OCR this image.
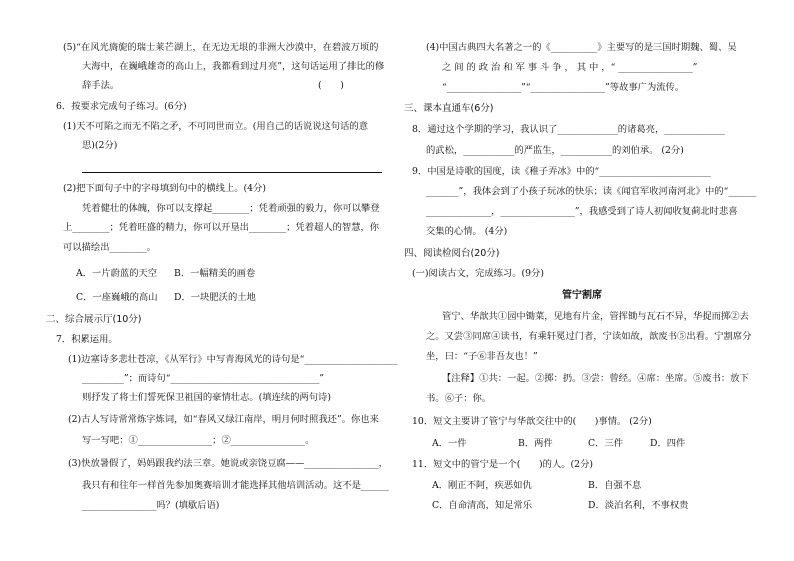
(5)“在风光旖旎的瑞士莱芒湖上，在无边无垠的非洲大沙漠中，在碧波万顷的
大海中，在巍峨雄奇的高山上，我都看到过月亮”，这句话运用了排比的修
辞手法。	(　　)
6．按要求完成句子练习。(6分)
(1)天不可陷之而无不陷之矛，不可同世而立。(用自己的话说说这句话的意
思)(2分)
(2)把下面句子中的字母填到句中的横线上。(4分)
凭着健壮的体魄，你可以支撑起________；凭着顽强的毅力，你可以攀登
上________；凭着旺盛的精力，你可以开垦出________；凭着超人的智慧，你
可以描绘出________。
A．一片蔚蓝的天空 B．一幅精美的画卷
C．一座巍峨的高山 D．一块肥沃的土地
二、综合展示厅(10分)
7．积累运用。
(1)边塞诗多悲壮苍凉，《从军行》中写青海风光的诗句是“____________________
_________”；而诗句“________________________________”
则抒发了将士们誓死保卫祖国的豪情壮志。(填连续的两句诗)
(2)古人写诗常常炼字炼词，如“春风又绿江南岸，明月何时照我还”。你也来
写一写吧：①________________；②________________。
(3)快放暑假了，妈妈跟我约法三章。她说或亲饶豆腐——________________，
我只有和往年一样首先参加奥赛培训才能选择其他培训活动。这不是______
________________吗？(填歇后语)
(4)中国古典四大名著之一的《__________》主要写的是三国时期魏、蜀、吴
之 间 的 政 治 和 军 事 斗 争 ， 其 中 ，“ ________________”
“________________”“________________”等故事广为流传。
三、课本直通车(6分)
8．通过这个学期的学习，我认识了_____________的诸葛亮，_____________
的武松，___________的严监生，___________的刘伯承。 (2分)
9．中国是诗歌的国度，读《稚子弄冰》中的“________________________
_______”，我体会到了小孩子玩冰的快乐；读《闻官军收河南河北》中的“______
______________，________________”，我感受到了诗人初闻收复蓟北时悲喜
交集的心情。 (4分)
四、阅读检阅台(20分)
(一)阅读古文，完成练习。(9分)
管宁割席
管宁、华歆共①园中锄菜，见地有片金，管挥锄与瓦石不异，华捉而掷②去
之。又尝③同席④读书，有乘轩冕过门者，宁读如故，歆废书⑤出看。宁割席分
坐，曰：“子⑥非吾友也！”
【注释】①共：一起。②掷：扔。③尝：曾经。④席：坐席。⑤废书：放下
书。⑥子：你。
10．短文主要讲了管宁与华歆交往中的(　　)事情。 (2分)
A．一件	B．两件	C．三件	D．四件
11．短文中的管宁是一个(　　)的人。(2分)
A．刚正不阿，疾恶如仇	B．自强不息
C．自命清高，知足常乐	D．淡泊名利，不事权贵
